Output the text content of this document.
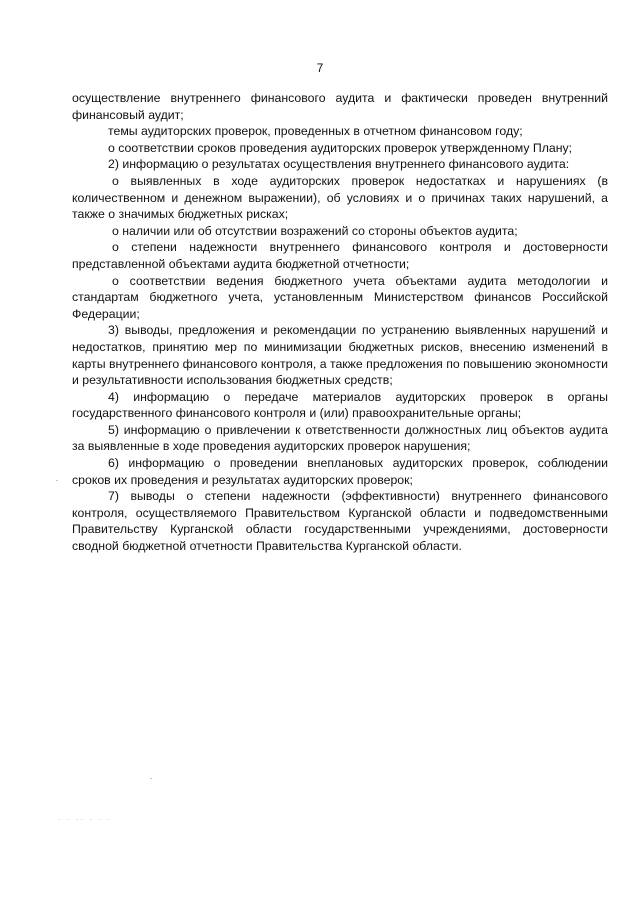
7

осуществление внутреннего финансового аудита и фактически проведен внутренний финансовый аудит;

темы аудиторских проверок, проведенных в отчетном финансовом году;

о соответствии сроков проведения аудиторских проверок утвержденному Плану;

2) информацию о результатах осуществления внутреннего финансового аудита:

о выявленных в ходе аудиторских проверок недостатках и нарушениях (в количественном и денежном выражении), об условиях и о причинах таких нарушений, а также о значимых бюджетных рисках;

о наличии или об отсутствии возражений со стороны объектов аудита;

о степени надежности внутреннего финансового контроля и достоверности представленной объектами аудита бюджетной отчетности;

о соответствии ведения бюджетного учета объектами аудита методологии и стандартам бюджетного учета, установленным Министерством финансов Российской Федерации;

3) выводы, предложения и рекомендации по устранению выявленных нарушений и недостатков, принятию мер по минимизации бюджетных рисков, внесению изменений в карты внутреннего финансового контроля, а также предложения по повышению экономности и результативности использования бюджетных средств;

4) информацию о передаче материалов аудиторских проверок в органы государственного финансового контроля и (или) правоохранительные органы;

5) информацию о привлечении к ответственности должностных лиц объектов аудита за выявленные в ходе проведения аудиторских проверок нарушения;

6) информацию о проведении внеплановых аудиторских проверок, соблюдении сроков их проведения и результатах аудиторских проверок;

7) выводы о степени надежности (эффективности) внутреннего финансового контроля, осуществляемого Правительством Курганской области и подведомственными Правительству Курганской области государственными учреждениями, достоверности сводной бюджетной отчетности Правительства Курганской области.

· · ·· · · ·
